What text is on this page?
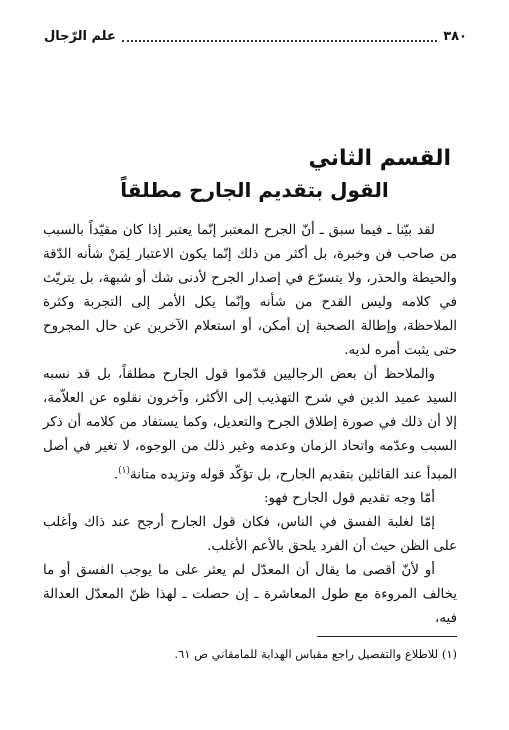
٣٨٠
علم الرّجال
القسم الثاني
القول بتقديم الجارح مطلقاً

لقد بيّنا ـ فيما سبق ـ أنّ الجرح المعتبر إنّما يعتبر إذا كان مقيّداً بالسبب من صاحب فن وخبرة، بل أكثر من ذلك إنّما يكون الاعتبار لِمَنْ شأنه الدّقة والحيطة والحذر، ولا يتسرّع في إصدار الجرح لأدنى شك أو شبهة، بل يتريّث في كلامه وليس القدح من شأنه وإنّما يكل الأمر إلى التجربة وكثرة الملاحظة، وإطالة الصحبة إن أمكن، أو استعلام الآخرين عن حال المجروح حتى يثبت أمره لديه.

والملاحظ أن بعض الرجاليين قدّموا قول الجارح مطلقاً، بل قد نسبه السيد عميد الدين في شرح التهذيب إلى الأكثر، وآخرون نقلوه عن العلاّمة، إلا أن ذلك في صورة إطلاق الجرح والتعديل، وكما يستفاد من كلامه أن ذكر السبب وعدّمه واتحاد الزمان وعدمه وغير ذلك من الوجوه، لا تغير في أصل المبدأ عند القائلين بتقديم الجارح، بل تؤكّد قوله وتزيده متانة$^{(١)}$.

أمّا وجه تقديم قول الجارح فهو:

إمّا لغلبة الفسق في الناس، فكان قول الجارح أرجح عند ذاك وأغلب على الظن حيث أن الفرد يلحق بالأعم الأغلب.

أو لأنّ أقصى ما يقال أن المعدّل لم يعثر على ما يوجب الفسق أو ما يخالف المروءة مع طول المعاشرة ـ إن حصلت ـ لهذا ظنّ المعدّل العدالة فيه،

(١) للاطلاع والتفصيل راجع مقباس الهداية للمامقاني ص ٦١.
